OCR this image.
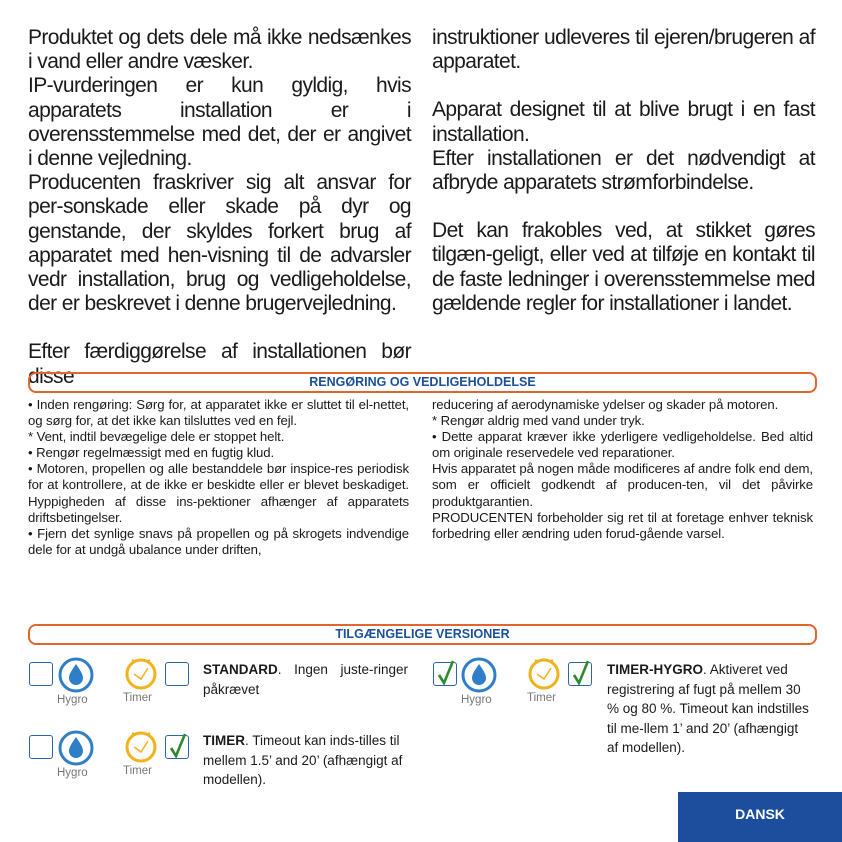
Produktet og dets dele må ikke nedsænkes i vand eller andre væsker.

IP-vurderingen er kun gyldig, hvis apparatets installation er i overensstemmelse med det, der er angivet i denne vejledning.

Producenten fraskriver sig alt ansvar for per-sonskade eller skade på dyr og genstande, der skyldes forkert brug af apparatet med hen-visning til de advarsler vedr installation, brug og vedligeholdelse, der er beskrevet i denne brugervejledning.

Efter færdiggørelse af installationen bør disse

instruktioner udleveres til ejeren/brugeren af apparatet.

Apparat designet til at blive brugt i en fast installation.

Efter installationen er det nødvendigt at afbryde apparatets strømforbindelse.

Det kan frakobles ved, at stikket gøres tilgæn-geligt, eller ved at tilføje en kontakt til de faste ledninger i overensstemmelse med gældende regler for installationer i landet.

RENGØRING OG VEDLIGEHOLDELSE

• Inden rengøring: Sørg for, at apparatet ikke er sluttet til el-nettet, og sørg for, at det ikke kan tilsluttes ved en fejl.

* Vent, indtil bevægelige dele er stoppet helt.

• Rengør regelmæssigt med en fugtig klud.

• Motoren, propellen og alle bestanddele bør inspice-res periodisk for at kontrollere, at de ikke er beskidte eller er blevet beskadiget. Hyppigheden af disse ins-pektioner afhænger af apparatets driftsbetingelser.

• Fjern det synlige snavs på propellen og på skrogets indvendige dele for at undgå ubalance under driften,

reducering af aerodynamiske ydelser og skader på motoren.

* Rengør aldrig med vand under tryk.

• Dette apparat kræver ikke yderligere vedligeholdelse. Bed altid om originale reservedele ved reparationer.

Hvis apparatet på nogen måde modificeres af andre folk end dem, som er officielt godkendt af producen-ten, vil det påvirke produktgarantien.

PRODUCENTEN forbeholder sig ret til at foretage enhver teknisk forbedring eller ændring uden forud-gående varsel.

TILGÆNGELIGE VERSIONER
Hygro	Timer
STANDARD. Ingen juste-ringer påkrævet
Hygro	Timer
TIMER. Timeout kan inds-tilles til mellem 1.5’ and 20’ (afhængigt af modellen).
Hygro	Timer
TIMER-HYGRO. Aktiveret ved registrering af fugt på mellem 30 % og 80 %. Timeout kan indstilles til me-llem 1’ and 20’ (afhængigt af modellen).
DANSK
